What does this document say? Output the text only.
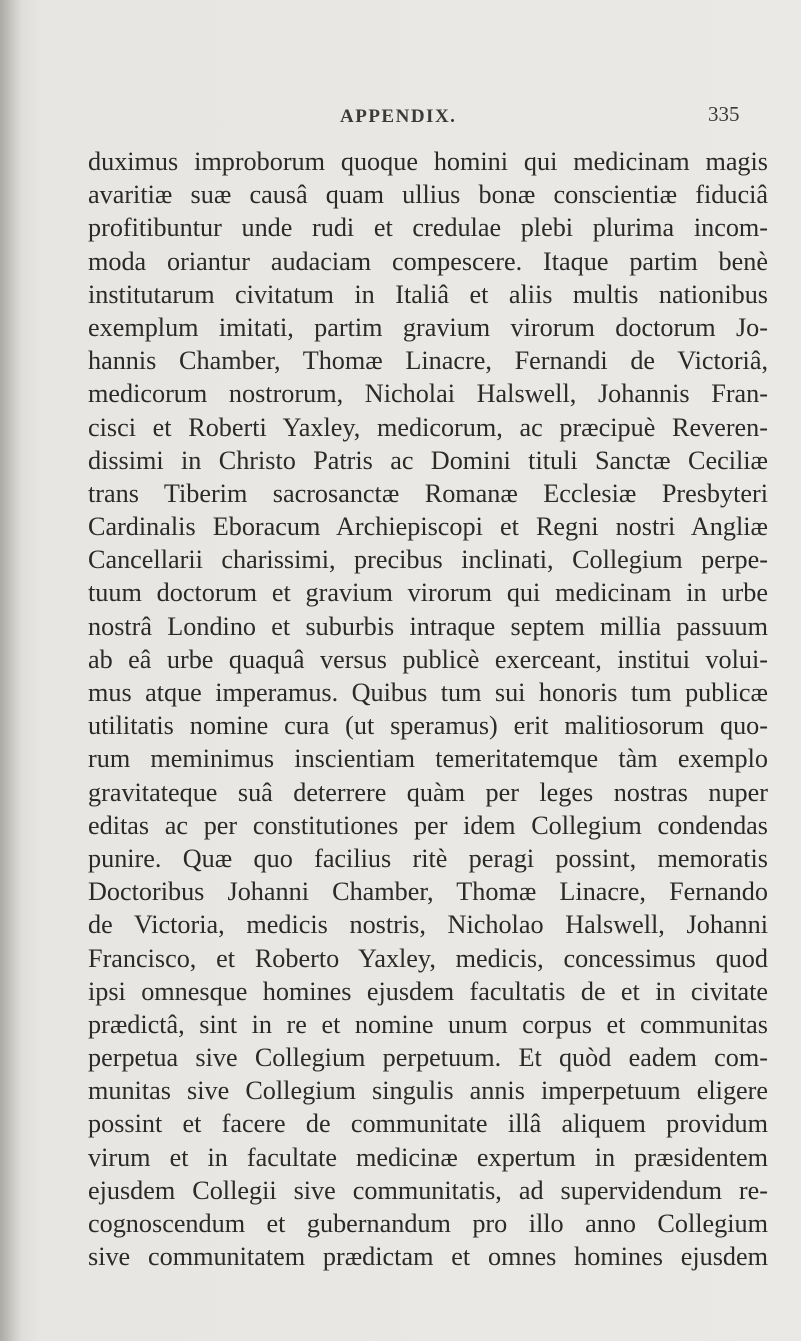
APPENDIX.	335
duximus improborum quoque homini qui medicinam magis
avaritiæ suæ causâ quam ullius bonæ conscientiæ fiduciâ
profitibuntur unde rudi et credulae plebi plurima incom-
moda oriantur audaciam compescere. Itaque partim benè
institutarum civitatum in Italiâ et aliis multis nationibus
exemplum imitati, partim gravium virorum doctorum Jo-
hannis Chamber, Thomæ Linacre, Fernandi de Victoriâ,
medicorum nostrorum, Nicholai Halswell, Johannis Fran-
cisci et Roberti Yaxley, medicorum, ac præcipuè Reveren-
dissimi in Christo Patris ac Domini tituli Sanctæ Ceciliæ
trans Tiberim sacrosanctæ Romanæ Ecclesiæ Presbyteri
Cardinalis Eboracum Archiepiscopi et Regni nostri Angliæ
Cancellarii charissimi, precibus inclinati, Collegium perpe-
tuum doctorum et gravium virorum qui medicinam in urbe
nostrâ Londino et suburbis intraque septem millia passuum
ab eâ urbe quaquâ versus publicè exerceant, institui volui-
mus atque imperamus. Quibus tum sui honoris tum publicæ
utilitatis nomine cura (ut speramus) erit malitiosorum quo-
rum meminimus inscientiam temeritatemque tàm exemplo
gravitateque suâ deterrere quàm per leges nostras nuper
editas ac per constitutiones per idem Collegium condendas
punire. Quæ quo facilius ritè peragi possint, memoratis
Doctoribus Johanni Chamber, Thomæ Linacre, Fernando
de Victoria, medicis nostris, Nicholao Halswell, Johanni
Francisco, et Roberto Yaxley, medicis, concessimus quod
ipsi omnesque homines ejusdem facultatis de et in civitate
prædictâ, sint in re et nomine unum corpus et communitas
perpetua sive Collegium perpetuum. Et quòd eadem com-
munitas sive Collegium singulis annis imperpetuum eligere
possint et facere de communitate illâ aliquem providum
virum et in facultate medicinæ expertum in præsidentem
ejusdem Collegii sive communitatis, ad supervidendum re-
cognoscendum et gubernandum pro illo anno Collegium
sive communitatem prædictam et omnes homines ejusdem
